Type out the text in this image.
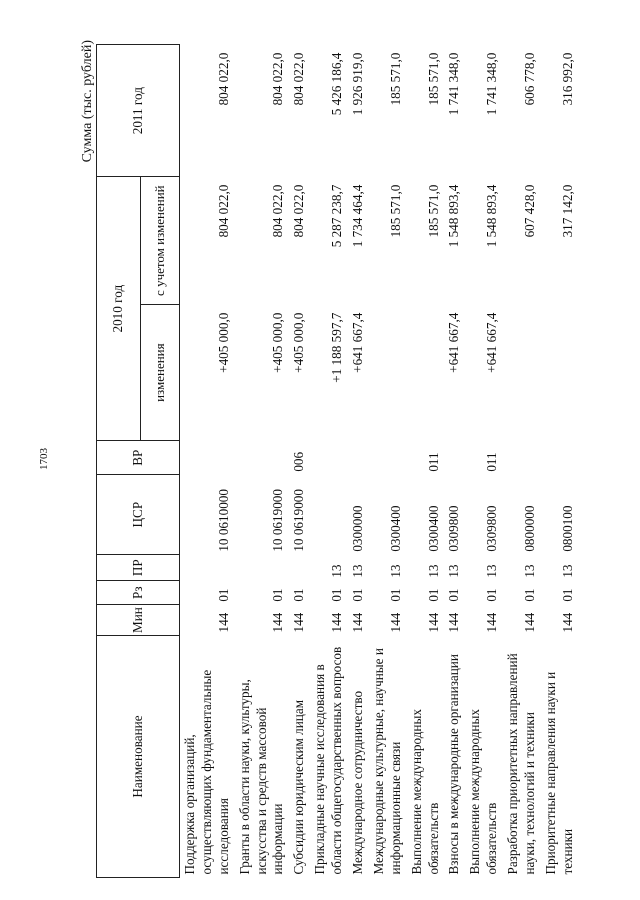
1703
Сумма (тыс. рублей)
Наименование	Мин	Рз	ПР	ЦСР	ВР	2010 год		2011 год
						изменения	с учетом изменений	
Поддержка организаций, осуществляющих фундаментальные исследования	144	01		10 0610000		+405 000,0	804 022,0	804 022,0
Гранты в области науки, культуры, искусства и средств массовой информации	144	01		10 0619000		+405 000,0	804 022,0	804 022,0
Субсидии юридическим лицам	144	01		10 0619000	006	+405 000,0	804 022,0	804 022,0
Прикладные научные исследования в области общегосударственных вопросов	144	01	13			+1 188 597,7	5 287 238,7	5 426 186,4
Международное сотрудничество	144	01	13	0300000		+641 667,4	1 734 464,4	1 926 919,0
Международные культурные, научные и информационные связи	144	01	13	0300400			185 571,0	185 571,0
Выполнение международных обязательств	144	01	13	0300400	011		185 571,0	185 571,0
Взносы в международные организации	144	01	13	0309800		+641 667,4	1 548 893,4	1 741 348,0
Выполнение международных обязательств	144	01	13	0309800	011	+641 667,4	1 548 893,4	1 741 348,0
Разработка приоритетных направлений науки, технологий и техники	144	01	13	0800000			607 428,0	606 778,0
Приоритетные направления науки и техники	144	01	13	0800100			317 142,0	316 992,0
